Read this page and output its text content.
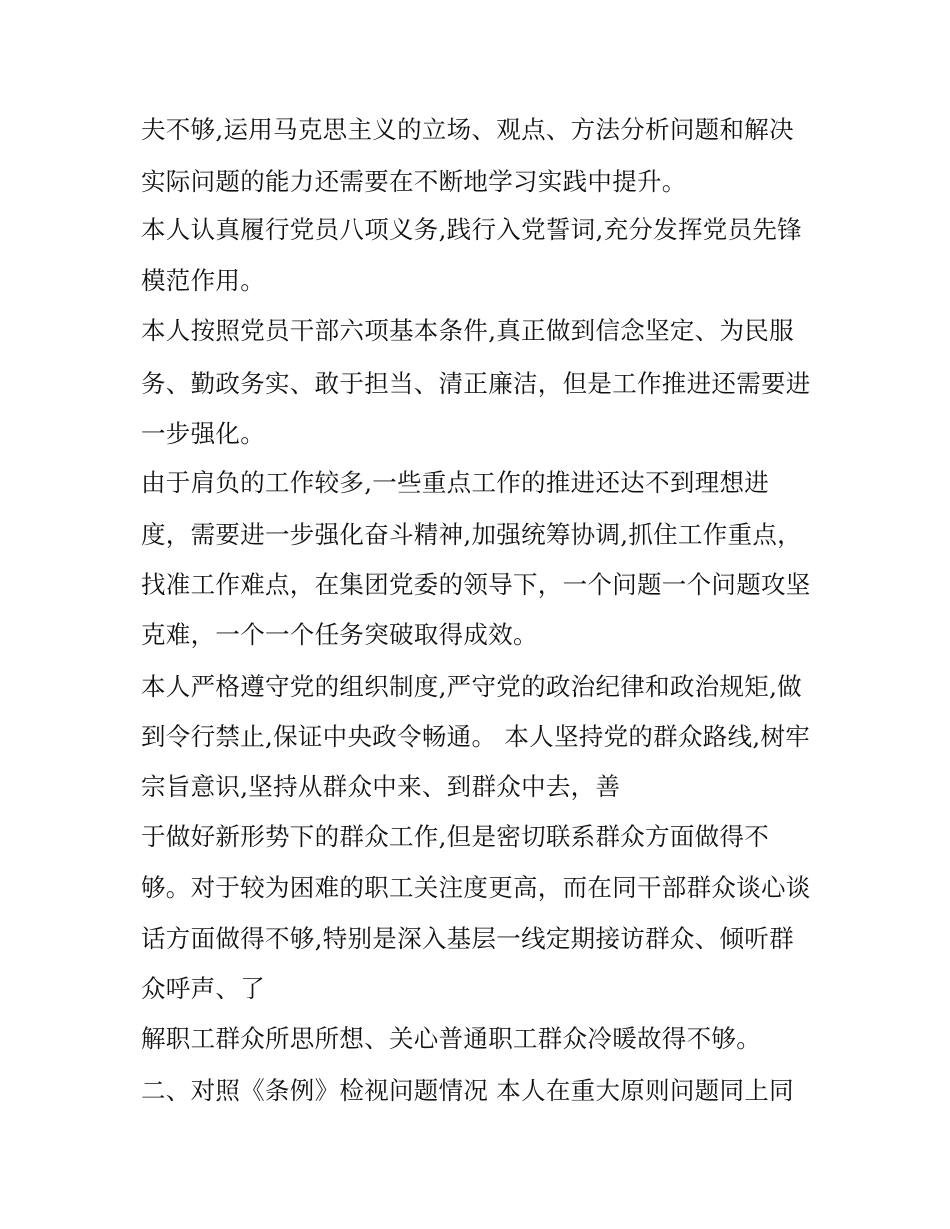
夫不够,运用马克思主义的立场、观点、方法分析问题和解决
实际问题的能力还需要在不断地学习实践中提升。
本人认真履行党员八项义务,践行入党誓词,充分发挥党员先锋
模范作用。
本人按照党员干部六项基本条件,真正做到信念坚定、为民服
务、勤政务实、敢于担当、清正廉洁，但是工作推进还需要进
一步强化。
由于肩负的工作较多,一些重点工作的推进还达不到理想进
度，需要进一步强化奋斗精神,加强统筹协调,抓住工作重点，
找准工作难点，在集团党委的领导下，一个问题一个问题攻坚
克难，一个一个任务突破取得成效。
本人严格遵守党的组织制度,严守党的政治纪律和政治规矩,做
到令行禁止,保证中央政令畅通。 本人坚持党的群众路线,树牢
宗旨意识,坚持从群众中来、到群众中去，善
于做好新形势下的群众工作,但是密切联系群众方面做得不
够。对于较为困难的职工关注度更高，而在同干部群众谈心谈
话方面做得不够,特别是深入基层一线定期接访群众、倾听群
众呼声、了
解职工群众所思所想、关心普通职工群众冷暖故得不够。
二、对照《条例》检视问题情况 本人在重大原则问题同上同
